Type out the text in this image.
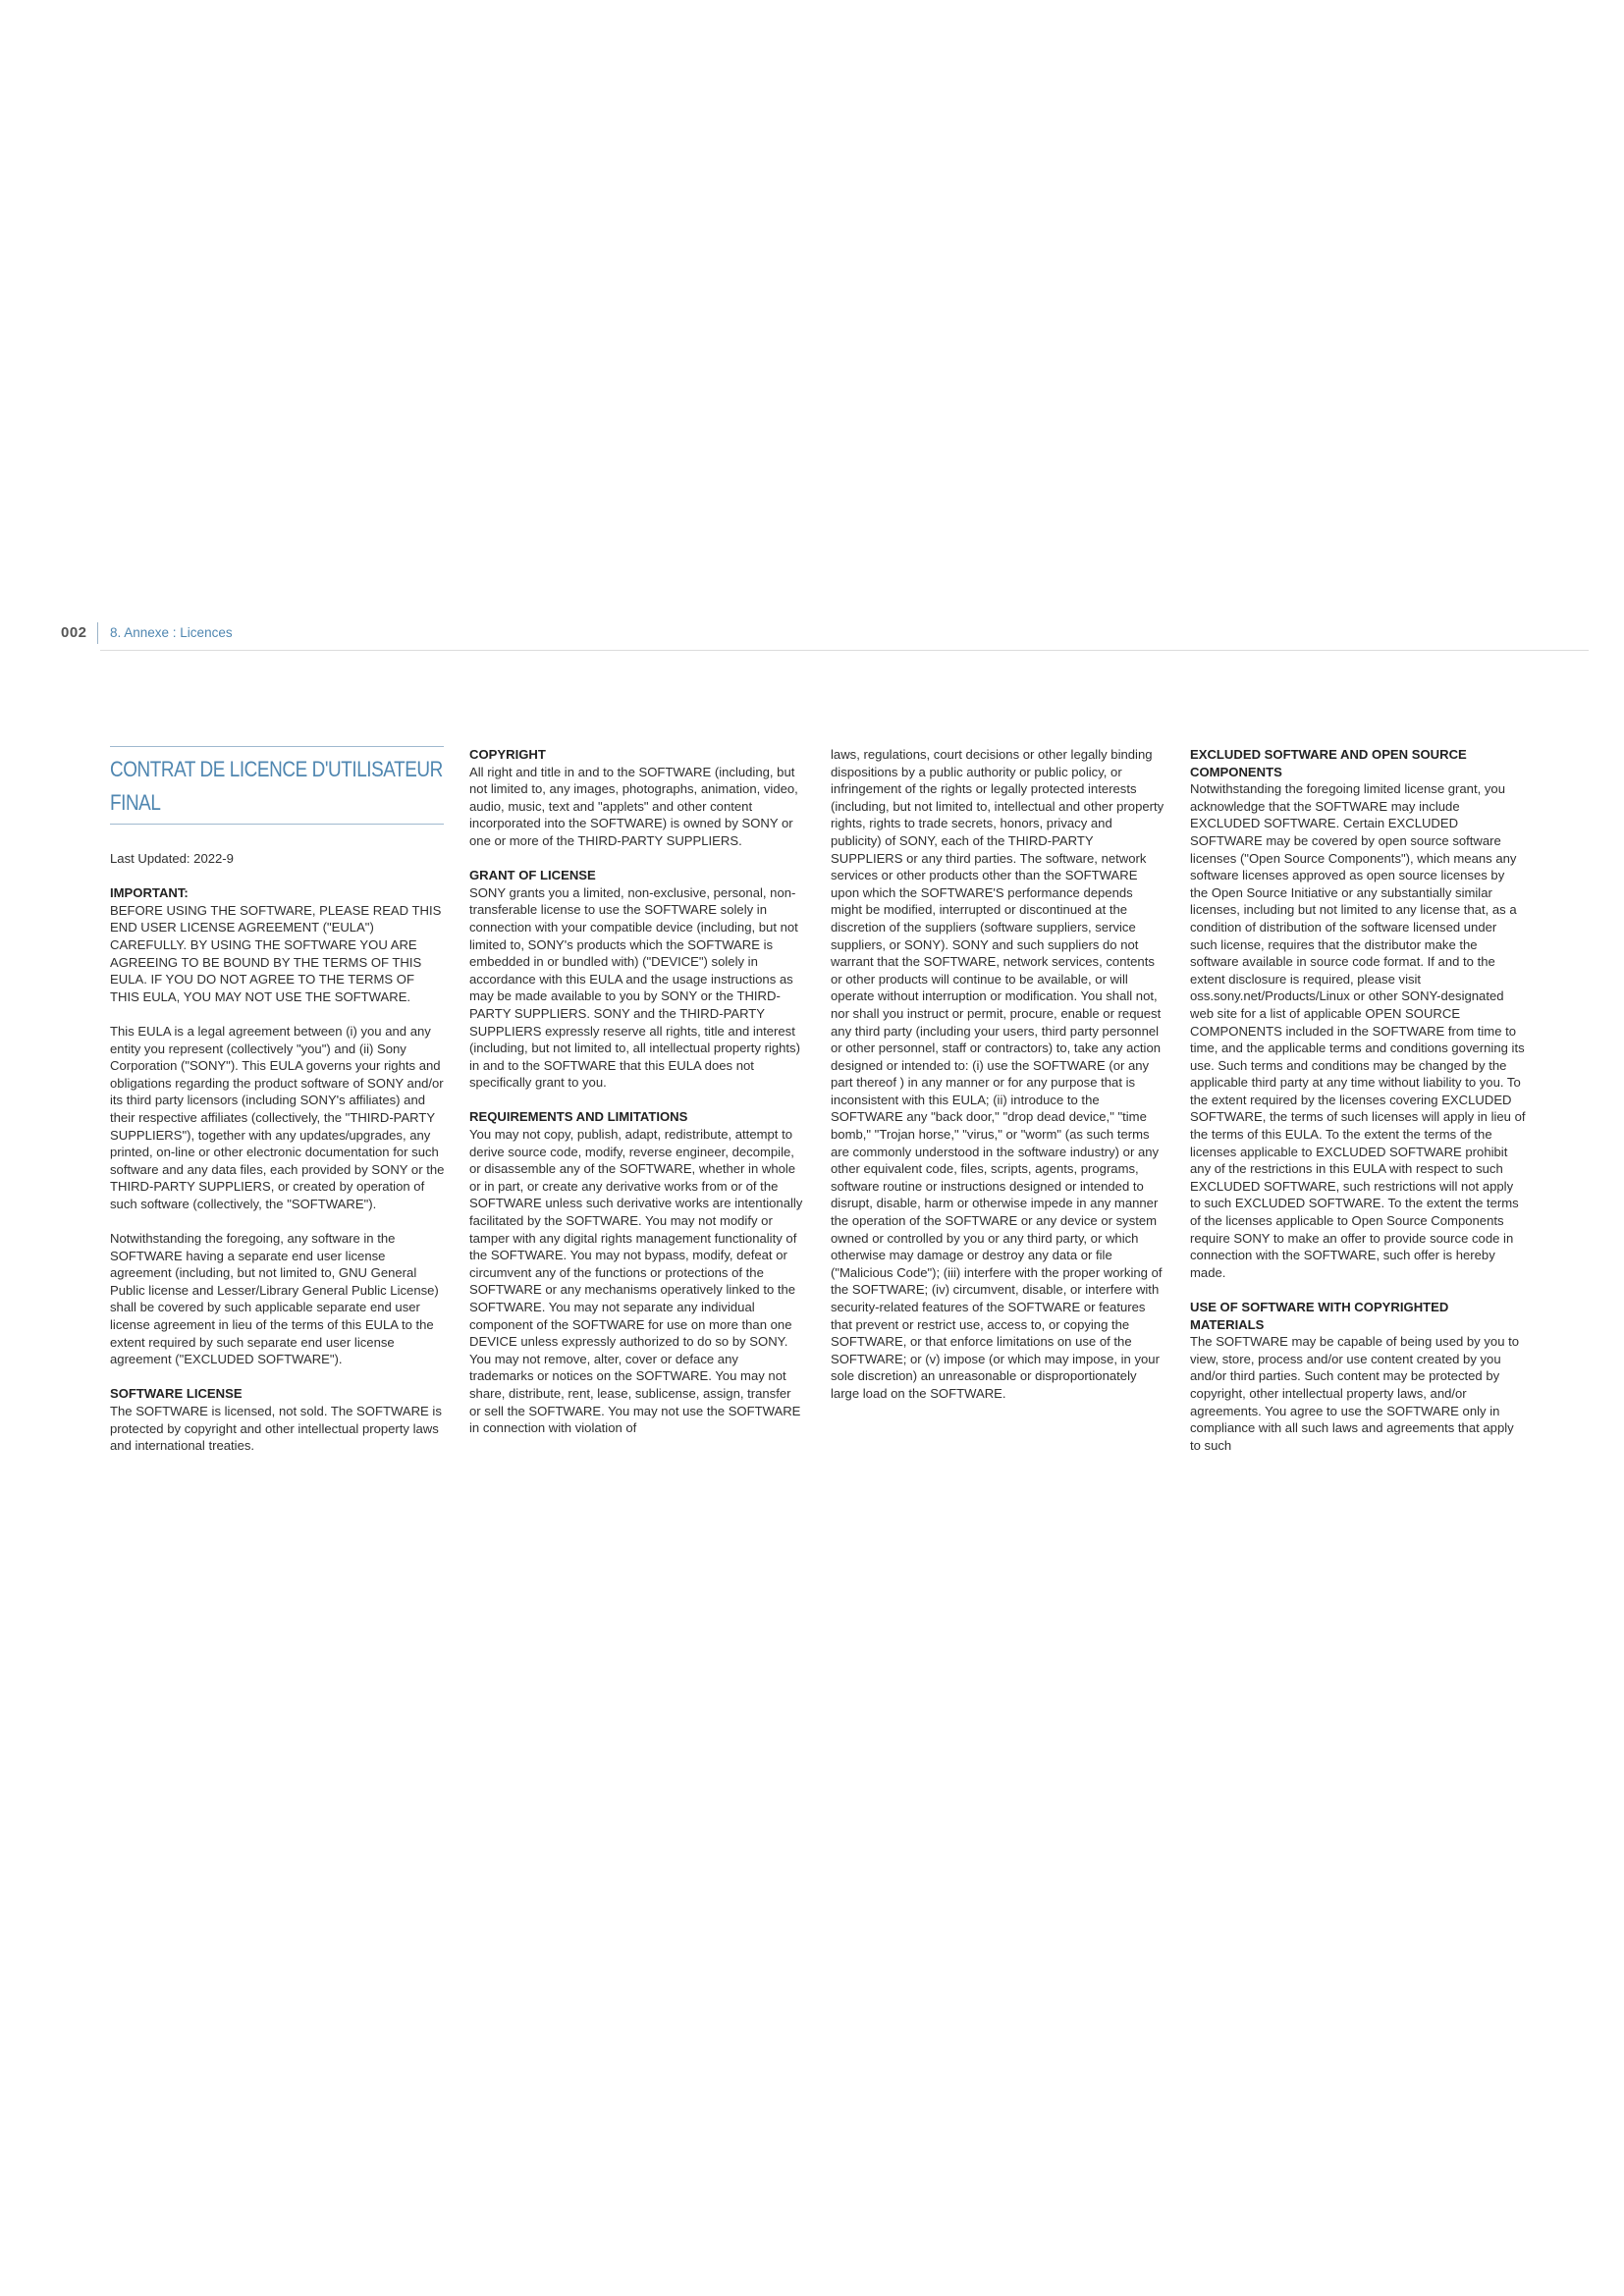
002 8. Annexe : Licences
CONTRAT DE LICENCE D'UTILISATEUR
FINAL

Last Updated: 2022-9

IMPORTANT:

BEFORE USING THE SOFTWARE, PLEASE READ THIS END USER LICENSE AGREEMENT ("EULA") CAREFULLY. BY USING THE SOFTWARE YOU ARE AGREEING TO BE BOUND BY THE TERMS OF THIS EULA. IF YOU DO NOT AGREE TO THE TERMS OF THIS EULA, YOU MAY NOT USE THE SOFTWARE.

This EULA is a legal agreement between (i) you and any entity you represent (collectively "you") and (ii) Sony Corporation ("SONY"). This EULA governs your rights and obligations regarding the product software of SONY and/or its third party licensors (including SONY's affiliates) and their respective affiliates (collectively, the "THIRD-PARTY SUPPLIERS"), together with any updates/upgrades, any printed, on-line or other electronic documentation for such software and any data files, each provided by SONY or the THIRD-PARTY SUPPLIERS, or created by operation of such software (collectively, the "SOFTWARE").

Notwithstanding the foregoing, any software in the SOFTWARE having a separate end user license agreement (including, but not limited to, GNU General Public license and Lesser/Library General Public License) shall be covered by such applicable separate end user license agreement in lieu of the terms of this EULA to the extent required by such separate end user license agreement ("EXCLUDED SOFTWARE").

SOFTWARE LICENSE

The SOFTWARE is licensed, not sold. The SOFTWARE is protected by copyright and other intellectual property laws and international treaties.

COPYRIGHT

All right and title in and to the SOFTWARE (including, but not limited to, any images, photographs, animation, video, audio, music, text and "applets" and other content incorporated into the SOFTWARE) is owned by SONY or one or more of the THIRD-PARTY SUPPLIERS.

GRANT OF LICENSE

SONY grants you a limited, non-exclusive, personal, non-transferable license to use the SOFTWARE solely in connection with your compatible device (including, but not limited to, SONY's products which the SOFTWARE is embedded in or bundled with) ("DEVICE") solely in accordance with this EULA and the usage instructions as may be made available to you by SONY or the THIRD-PARTY SUPPLIERS. SONY and the THIRD-PARTY SUPPLIERS expressly reserve all rights, title and interest (including, but not limited to, all intellectual property rights) in and to the SOFTWARE that this EULA does not specifically grant to you.

REQUIREMENTS AND LIMITATIONS

You may not copy, publish, adapt, redistribute, attempt to derive source code, modify, reverse engineer, decompile, or disassemble any of the SOFTWARE, whether in whole or in part, or create any derivative works from or of the SOFTWARE unless such derivative works are intentionally facilitated by the SOFTWARE. You may not modify or tamper with any digital rights management functionality of the SOFTWARE. You may not bypass, modify, defeat or circumvent any of the functions or protections of the SOFTWARE or any mechanisms operatively linked to the SOFTWARE. You may not separate any individual component of the SOFTWARE for use on more than one DEVICE unless expressly authorized to do so by SONY. You may not remove, alter, cover or deface any trademarks or notices on the SOFTWARE. You may not share, distribute, rent, lease, sublicense, assign, transfer or sell the SOFTWARE. You may not use the SOFTWARE in connection with violation of

laws, regulations, court decisions or other legally binding dispositions by a public authority or public policy, or infringement of the rights or legally protected interests (including, but not limited to, intellectual and other property rights, rights to trade secrets, honors, privacy and publicity) of SONY, each of the THIRD-PARTY SUPPLIERS or any third parties. The software, network services or other products other than the SOFTWARE upon which the SOFTWARE'S performance depends might be modified, interrupted or discontinued at the discretion of the suppliers (software suppliers, service suppliers, or SONY). SONY and such suppliers do not warrant that the SOFTWARE, network services, contents or other products will continue to be available, or will operate without interruption or modification. You shall not, nor shall you instruct or permit, procure, enable or request any third party (including your users, third party personnel or other personnel, staff or contractors) to, take any action designed or intended to: (i) use the SOFTWARE (or any part thereof ) in any manner or for any purpose that is inconsistent with this EULA; (ii) introduce to the SOFTWARE any "back door," "drop dead device," "time bomb," "Trojan horse," "virus," or "worm" (as such terms are commonly understood in the software industry) or any other equivalent code, files, scripts, agents, programs, software routine or instructions designed or intended to disrupt, disable, harm or otherwise impede in any manner the operation of the SOFTWARE or any device or system owned or controlled by you or any third party, or which otherwise may damage or destroy any data or file ("Malicious Code"); (iii) interfere with the proper working of the SOFTWARE; (iv) circumvent, disable, or interfere with security-related features of the SOFTWARE or features that prevent or restrict use, access to, or copying the SOFTWARE, or that enforce limitations on use of the SOFTWARE; or (v) impose (or which may impose, in your sole discretion) an unreasonable or disproportionately large load on the SOFTWARE.

EXCLUDED SOFTWARE AND OPEN SOURCE
COMPONENTS

Notwithstanding the foregoing limited license grant, you acknowledge that the SOFTWARE may include EXCLUDED SOFTWARE. Certain EXCLUDED SOFTWARE may be covered by open source software licenses ("Open Source Components"), which means any software licenses approved as open source licenses by the Open Source Initiative or any substantially similar licenses, including but not limited to any license that, as a condition of distribution of the software licensed under such license, requires that the distributor make the software available in source code format. If and to the extent disclosure is required, please visit oss.sony.net/Products/Linux or other SONY-designated web site for a list of applicable OPEN SOURCE COMPONENTS included in the SOFTWARE from time to time, and the applicable terms and conditions governing its use. Such terms and conditions may be changed by the applicable third party at any time without liability to you. To the extent required by the licenses covering EXCLUDED SOFTWARE, the terms of such licenses will apply in lieu of the terms of this EULA. To the extent the terms of the licenses applicable to EXCLUDED SOFTWARE prohibit any of the restrictions in this EULA with respect to such EXCLUDED SOFTWARE, such restrictions will not apply to such EXCLUDED SOFTWARE. To the extent the terms of the licenses applicable to Open Source Components require SONY to make an offer to provide source code in connection with the SOFTWARE, such offer is hereby made.

USE OF SOFTWARE WITH COPYRIGHTED
MATERIALS

The SOFTWARE may be capable of being used by you to view, store, process and/or use content created by you and/or third parties. Such content may be protected by copyright, other intellectual property laws, and/or agreements. You agree to use the SOFTWARE only in compliance with all such laws and agreements that apply to such
